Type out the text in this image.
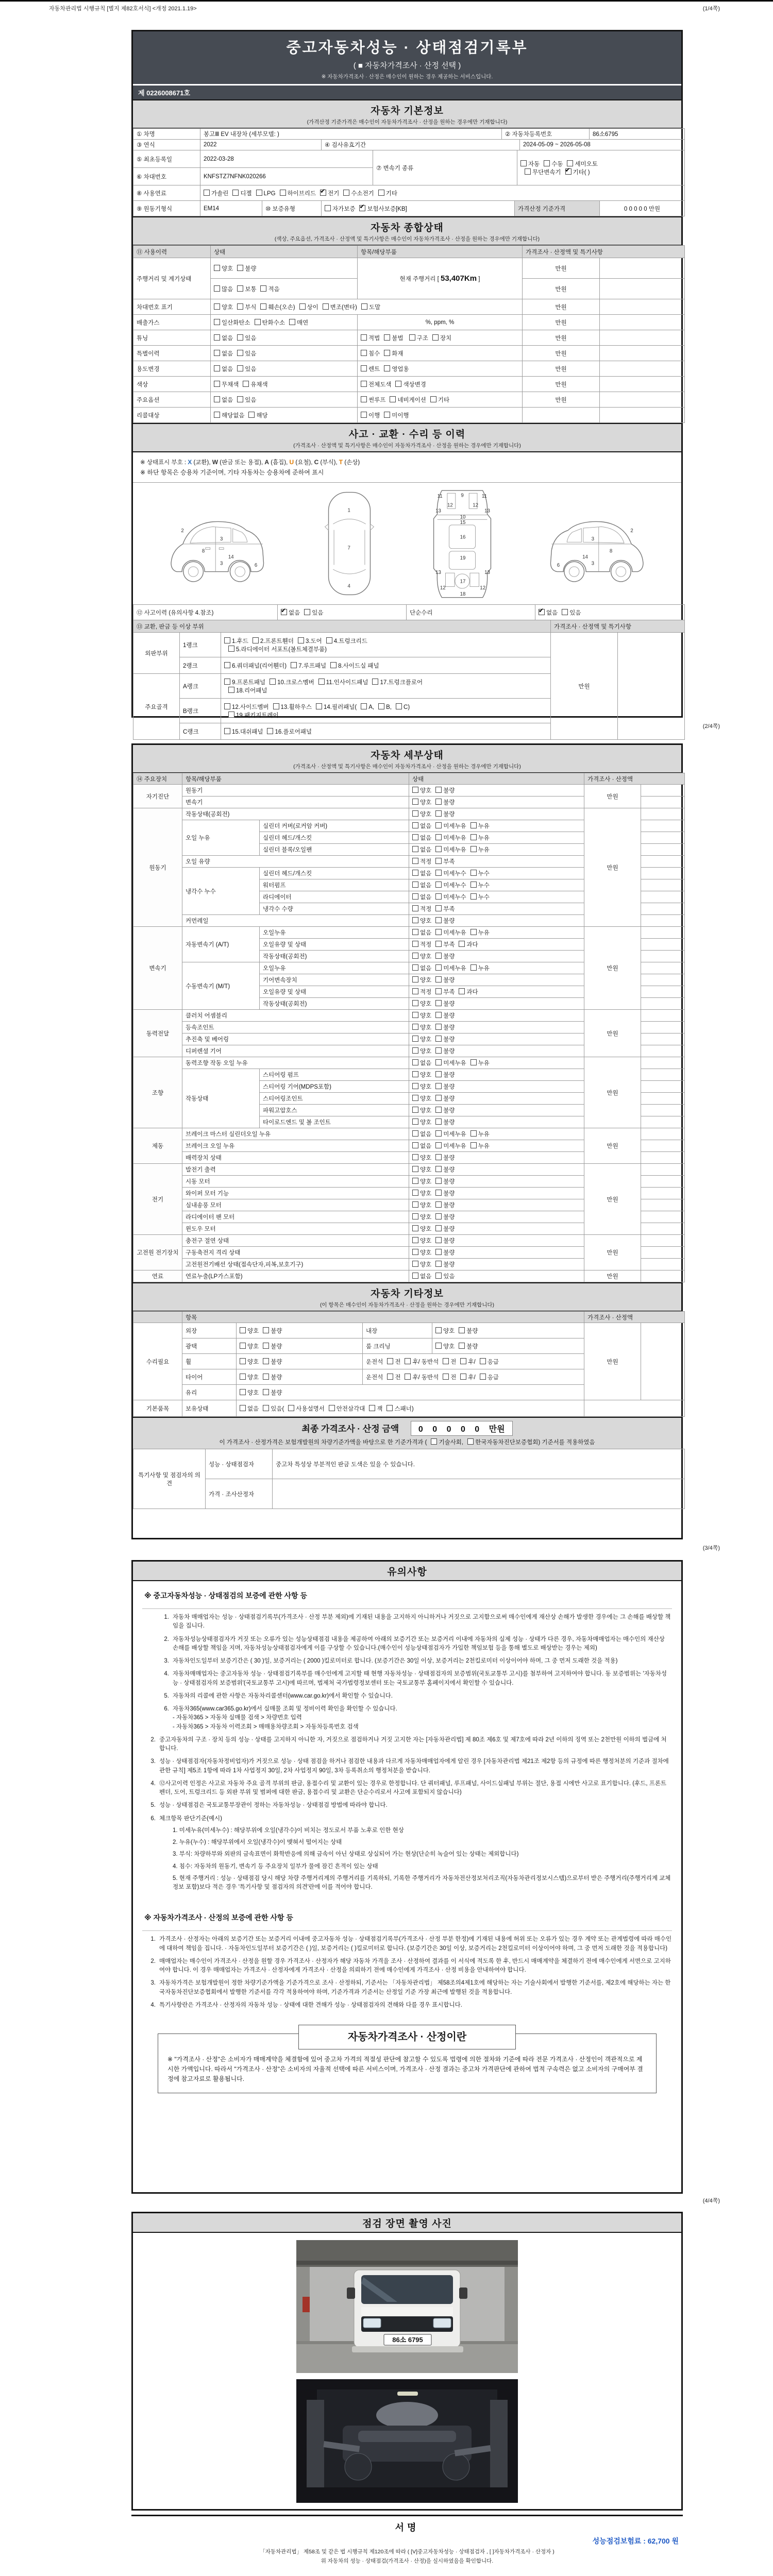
자동차관리법 시행규칙 [별지 제82호서식] <개정 2021.1.19>	(1/4쪽)
중고자동차성능 · 상태점검기록부
( ■ 자동차가격조사 · 산정 선택 )
※ 자동차가격조사 · 산정은 매수인이 원하는 경우 제공하는 서비스입니다.
제 0226008671호
자동차 기본정보
(가격산정 기준가격은 매수인이 자동차가격조사 · 산정을 원하는 경우에만 기재합니다)
① 차명	봉고Ⅲ EV 내장차 (세부모델: )	② 자동차등록번호	86소6795
③ 연식	2022	④ 검사유효기간	2024-05-09 ~ 2026-05-08
⑤ 최초등록일	2022-03-28	⑦ 변속기 종류	자동 수동 세미오토
무단변속기 ✔ 기타( )
⑥ 차대번호	KNFSTZ7NFNK020266		
⑧ 사용연료	가솔린 디젤 LPG 하이브리드 ✔ 전기 수소전기 기타
⑨ 원동기형식	EM14	⑩ 보증유형	자가보증 ✔ 보험사보증[KB]	가격산정 기준가격	0 0 0 0 0 만원
자동차 종합상태
(색상, 주요옵션, 가격조사 · 산정액 및 특기사항은 매수인이 자동차가격조사 · 산정을 원하는 경우에만 기재합니다)
⑪ 사용이력	상태	항목/해당부품	가격조사 · 산정액 및 특기사항	
주행거리 및 계기상태	양호 불량	현재 주행거리 [ 53,407Km ]	만원	
	많음 보통 적음		만원	
차대번호 표기	양호 부식 훼손(오손) 상이 변조(변타) 도말		만원	
배출가스	일산화탄소 탄화수소 매연	%, ppm, %	만원	
튜닝	없음 있음	적법 불법 구조 장치	만원	
특별이력	없음 있음	침수 화재	만원	
용도변경	없음 있음	렌트 영업용	만원	
색상	무채색 유채색	전체도색 색상변경	만원	
주요옵션	없음 있음	썬루프 네비게이션 기타	만원	
리콜대상	해당없음 해당	이행 미이행		
사고 · 교환 · 수리 등 이력
(가격조사 · 산정액 및 특기사항은 매수인이 자동차가격조사 · 산정을 원하는 경우에만 기재합니다)
※ 상태표시 부호 : X (교환), W (판금 또는 용접), A (흠집), U (요철), C (부식), T (손상)
※ 하단 항목은 승용차 기준이며, 기타 자동차는 승용차에 준하여 표시
2
8
3
14
3	6
1
7
4
11	11
13	13
12	12
9
10
15
16
13	13
19
12	12
17
18
2
8
3
14
3
6
⑫ 사고이력 (유의사항 4.참조)	✔없음 있음	단순수리	✔없음 있음
⑬ 교환, 판금 등 이상 부위			가격조사 · 산정액 및 특기사항	
외판부위	1랭크	1.후드 2.프론트휀더 3.도어 4.트렁크리드
5.라디에이터 서포트(볼트체결부품)	만원	
	2랭크	6.쿼더패널(리어휀더) 7.루프패널 8.사이드실 패널		
주요골격	A랭크	9.프론트패널 10.크로스멤버 11.인사이드패널 17.트렁크플로어
18.리어패널		
	B랭크	12.사이드멤버 13.휠하우스 14.필러패널( A, B, C)
19.패키지트레이		
	C랭크	15.대쉬패널 16.플로어패널		
(2/4쪽)
자동차 세부상태
(가격조사 · 산정액 및 특기사항은 매수인이 자동차가격조사 · 산정을 원하는 경우에만 기재합니다)
⑭ 주요장치	항목/해당부품		상태	가격조사 · 산정액	
자기진단	원동기		양호 불량	만원	
	변속기		양호 불량		
원동기	작동상태(공회전)		양호 불량	만원	
	오일 누유	실린더 커버(로커암 커버)	없음 미세누유 누유		
		실린더 헤드/개스킷	없음 미세누유 누유		
		실린더 블록/오일팬	없음 미세누유 누유		
	오일 유량		적정 부족		
	냉각수 누수	실린더 헤드/개스킷	없음 미세누수 누수		
		워터펌프	없음 미세누수 누수		
		라디에이터	없음 미세누수 누수		
		냉각수 수량	적정 부족		
	커먼레일		양호 불량		
변속기	자동변속기 (A/T)	오일누유	없음 미세누유 누유	만원	
		오일유량 및 상태	적정 부족 과다		
		작동상태(공회전)	양호 불량		
	수동변속기 (M/T)	오일누유	없음 미세누유 누유		
		기어변속장치	양호 불량		
		오일유량 및 상태	적정 부족 과다		
		작동상태(공회전)	양호 불량		
동력전달	클러치 어셈블리		양호 불량	만원	
	등속조인트		양호 불량		
	추진축 및 베어링		양호 불량		
	디퍼렌셜 기어		양호 불량		
조향	동력조향 작동 오일 누유		없음 미세누유 누유	만원	
	작동상태	스티어링 펌프	양호 불량		
		스티어링 기어(MDPS포함)	양호 불량		
		스티어링조인트	양호 불량		
		파워고압호스	양호 불량		
		타이로드엔드 및 볼 조인트	양호 불량		
제동	브레이크 마스터 실린더오일 누유		없음 미세누유 누유	만원	
	브레이크 오일 누유		없음 미세누유 누유		
	배력장치 상태		양호 불량		
전기	발전기 출력		양호 불량	만원	
	시동 모터		양호 불량		
	와이퍼 모터 기능		양호 불량		
	실내송풍 모터		양호 불량		
	라디에이터 팬 모터		양호 불량		
	윈도우 모터		양호 불량		
고전원 전기장치	충전구 절연 상태		양호 불량	만원	
	구동축전지 격리 상태		양호 불량		
	고전원전기배선 상태(접속단자,피복,보호기구)		양호 불량		
연료	연료누출(LP가스포함)		없음 있음	만원	
자동차 기타정보
(이 항목은 매수인이 자동차가격조사 · 산정을 원하는 경우에만 기재합니다)
	항목				가격조사 · 산정액	
수리필요	외장	양호 불량	내장	양호 불량	만원	
	광택	양호 불량	룸 크리닝	양호 불량		
	휠	양호 불량	운전석 전 후/ 동반석 전 후/ 응급			
	타이어	양호 불량	운전석 전 후/ 동반석 전 후/ 응급			
	유리	양호 불량				
기본품목	보유상태	없음 있음( 사용설명서 안전삼각대 잭 스패너)				
최종 가격조사 · 산정 금액 0 0 0 0 0 만원
이 가격조사 · 산정가격은 보험개발원의 차량기준가액을 바탕으로 한 기준가격과 ( 기술사회, 한국자동차진단보증협회) 기준서를 적용하였음
특기사항 및 점검자의 의견	성능 · 상태점검자	중고차 특성상 부분적인 판금 도색은 있을 수 있습니다.
	가격 · 조사산정자	
(3/4쪽)
유의사항
※ 중고자동차성능 · 상태점검의 보증에 관한 사항 등
1. 자동차 매매업자는 성능 · 상태점검기록부(가격조사 · 산정 부분 제외)에 기재된 내용을 고지하지 아니하거나 거짓으로 고지함으로써 매수인에게 재산상 손해가 발생한 경우에는 그 손해를 배상할 책임을 집니다.
2. 자동차성능상태점검자가 거짓 또는 오류가 있는 성능상태점검 내용을 제공하여 아래의 보증기간 또는 보증거리 이내에 자동차의 실제 성능 · 상태가 다른 경우, 자동차매매업자는 매수인의 재산상 손해를 배상할 책임을 지며, 자동차성능상태점검자에게 이를 구상할 수 있습니다.(매수인이 성능상태점검자가 가입한 책임보험 등을 통해 별도로 배상받는 경우는 제외)
3. 자동차인도일부터 보증기간은 ( 30 )일, 보증거리는 ( 2000 )킬로미터로 합니다. (보증기간은 30일 이상, 보증거리는 2천킬로미터 이상이어야 하며, 그 중 먼저 도래한 것을 적용)
4. 자동차매매업자는 중고자동차 성능 · 상태점검기록부를 매수인에게 고지할 때 현행 자동차성능 · 상태점검자의 보증범위(국토교통부 고시)를 첨부하여 고지하여야 합니다. 동 보증범위는 '자동차성능 · 상태점검자의 보증범위'(국토교통부 고시)에 따르며, 법제처 국가법령정보센터 또는 국토교통부 홈페이지에서 확인할 수 있습니다.
5. 자동차의 리콜에 관한 사항은 자동차리콜센터(www.car.go.kr)에서 확인할 수 있습니다.
6. 자동차365(www.car365.go.kr)에서 실매물 조회 및 정비이력 확인을 확인할 수 있습니다.
- 자동차365 > 자동차 실매물 검색 > 차량번호 입력
- 자동차365 > 자동차 이력조회 > 매매용차량조회 > 자동차등록번호 검색
2. 중고자동차의 구조 · 장치 등의 성능 · 상태를 고지하지 아니한 자, 거짓으로 점검하거나 거짓 고지한 자는 [자동차관리법] 제 80조 제6호 및 제7호에 따라 2년 이하의 징역 또는 2천만원 이하의 벌금에 처합니다.
3. 성능 · 상태점검자(자동차정비업자)가 거짓으로 성능 · 상태 점검을 하거나 점검한 내용과 다르게 자동차매매업자에게 알린 경우 [자동차관리법 제21조 제2항 등의 규정에 따른 행정처분의 기준과 절차에 관한 규칙] 제5조 1항에 따라 1차 사업정지 30일, 2차 사업정지 90일, 3차 등록취소의 행정처분을 받습니다.
4. ⑫사고이력 인정은 사고로 자동차 주요 골격 부위의 판금, 용접수리 및 교환이 있는 경우로 한정합니다. 단 쿼터패널, 루프패널, 사이드실패널 부위는 절단, 용접 시에만 사고로 표기합니다. (후드, 프론트펜더, 도어, 트렁크리드 등 외판 부위 및 범퍼에 대한 판금, 용접수리 및 교환은 단순수리로서 사고에 포함되지 않습니다)
5. 성능 · 상태점검은 국토교통부장관이 정하는 자동차성능 · 상태점검 방법에 따라야 합니다.
6. 체크항목 판단기준(예시)
1. 미세누유(미세누수) : 해당부위에 오일(냉각수)이 비치는 정도로서 부품 노후로 인한 현상
2. 누유(누수) : 해당부위에서 오일(냉각수)이 맺혀서 떨어지는 상태
3. 부식: 차량하부와 외판의 금속표면이 화학반응에 의해 금속이 아닌 상태로 상실되어 가는 현상(단순히 녹슬어 있는 상태는 제외합니다)
4. 침수: 자동차의 원동기, 변속기 등 주요장치 일부가 물에 잠긴 흔적이 있는 상태
5. 현재 주행거리 : 성능 · 상태점검 당시 해당 차량 주행거리계의 주행거리를 기록하되, 기록한 주행거리가 자동차전산정보처리조직(자동차관리정보시스템)으로부터 받은 주행거리(주행거리계 교체 정보 포함)보다 적은 경우 '특기사항 및 점검자의 의견'란에 이를 적어야 합니다.
※ 자동차가격조사 · 산정의 보증에 관한 사항 등
1. 가격조사 · 산정자는 아래의 보증기간 또는 보증거리 이내에 중고자동차 성능 · 상태점검기록부(가격조사 · 산정 부분 한정)에 기재된 내용에 허위 또는 오류가 있는 경우 계약 또는 관계법령에 따라 매수인에 대하여 책임을 집니다. · 자동차인도일부터 보증기간은 ( )일, 보증거리는 ( )킬로미터로 합니다. (보증기간은 30일 이상, 보증거리는 2천킬로미터 이상이어야 하며, 그 중 먼저 도래한 것을 적용합니다)
2. 매매업자는 매수인이 가격조사 · 산정을 원할 경우 가격조사 · 산정자가 해당 자동차 가격을 조사 · 산정하여 결과를 이 서식에 적도록 한 후, 반드시 매매계약을 체결하기 전에 매수인에게 서면으로 고지하여야 합니다. 이 경우 매매업자는 가격조사 · 산정자에게 가격조사 · 산정을 의뢰하기 전에 매수인에게 가격조사 · 산정 비용을 안내하여야 합니다.
3. 자동차가격은 보험개발원이 정한 차량기준가액을 기준가격으로 조사 · 산정하되, 기준서는 「자동차관리법」 제58조의4제1호에 해당하는 자는 기술사회에서 발행한 기준서를, 제2호에 해당하는 자는 한국자동차진단보증협회에서 발행한 기준서를 각각 적용하여야 하며, 기준가격과 기준서는 산정일 기준 가장 최근에 발행된 것을 적용합니다.
4. 특기사항란은 가격조사 · 산정자의 자동차 성능 · 상태에 대한 견해가 성능 · 상태점검자의 견해와 다를 경우 표시합니다.
자동차가격조사 · 산정이란
※ "가격조사 · 산정"은 소비자가 매매계약을 체결함에 있어 중고차 가격의 적절성 판단에 참고할 수 있도록 법령에 의한 절차와 기준에 따라 전문 가격조사 · 산정인이 객관적으로 제시한 가액입니다. 따라서 "가격조사 · 산정"은 소비자의 자율적 선택에 따른 서비스이며, 가격조사 · 산정 결과는 중고차 가격판단에 관하여 법적 구속력은 없고 소비자의 구매여부 결정에 참고자료로 활용됩니다.
(4/4쪽)
점검 장면 촬영 사진
86소 6795
서명
성능점검보험료 : 62,700 원
「자동차관리법」 제58조 및 같은 법 시행규칙 제120조에 따라 ( [V]중고자동차성능 · 상태점검자 , [ ]자동차가격조사 · 산정자 )
위 자동차의 성능 · 상태점검(가격조사 · 산정)을 실시하였음을 확인합니다.
